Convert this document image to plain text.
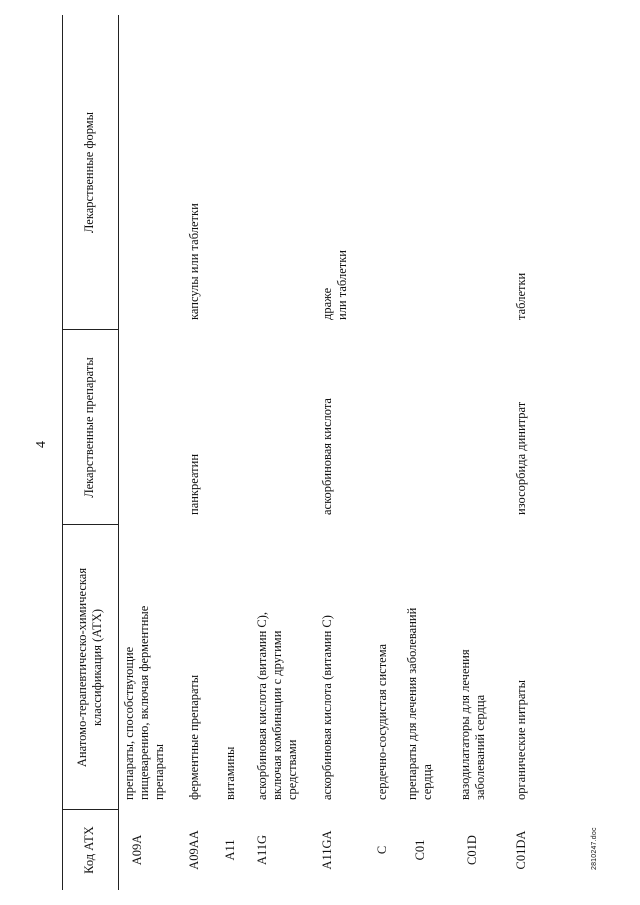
4
Код АТХ
Анатомо-терапевтическо-химическая
классификация (АТХ)
Лекарственные препараты
Лекарственные формы
A09A
препараты, способствующие
пищеварению, включая ферментные
препараты
A09AA
ферментные препараты
панкреатин
капсулы или таблетки
A11
витамины
A11G
аскорбиновая кислота (витамин С),
включая комбинации с другими
средствами
A11GA
аскорбиновая кислота (витамин С)
аскорбиновая кислота
драже
или таблетки
C
сердечно-сосудистая система
C01
препараты для лечения заболеваний
сердца
C01D
вазодилататоры для лечения
заболеваний сердца
C01DA
органические нитраты
изосорбида динитрат
таблетки
2810247.doc
